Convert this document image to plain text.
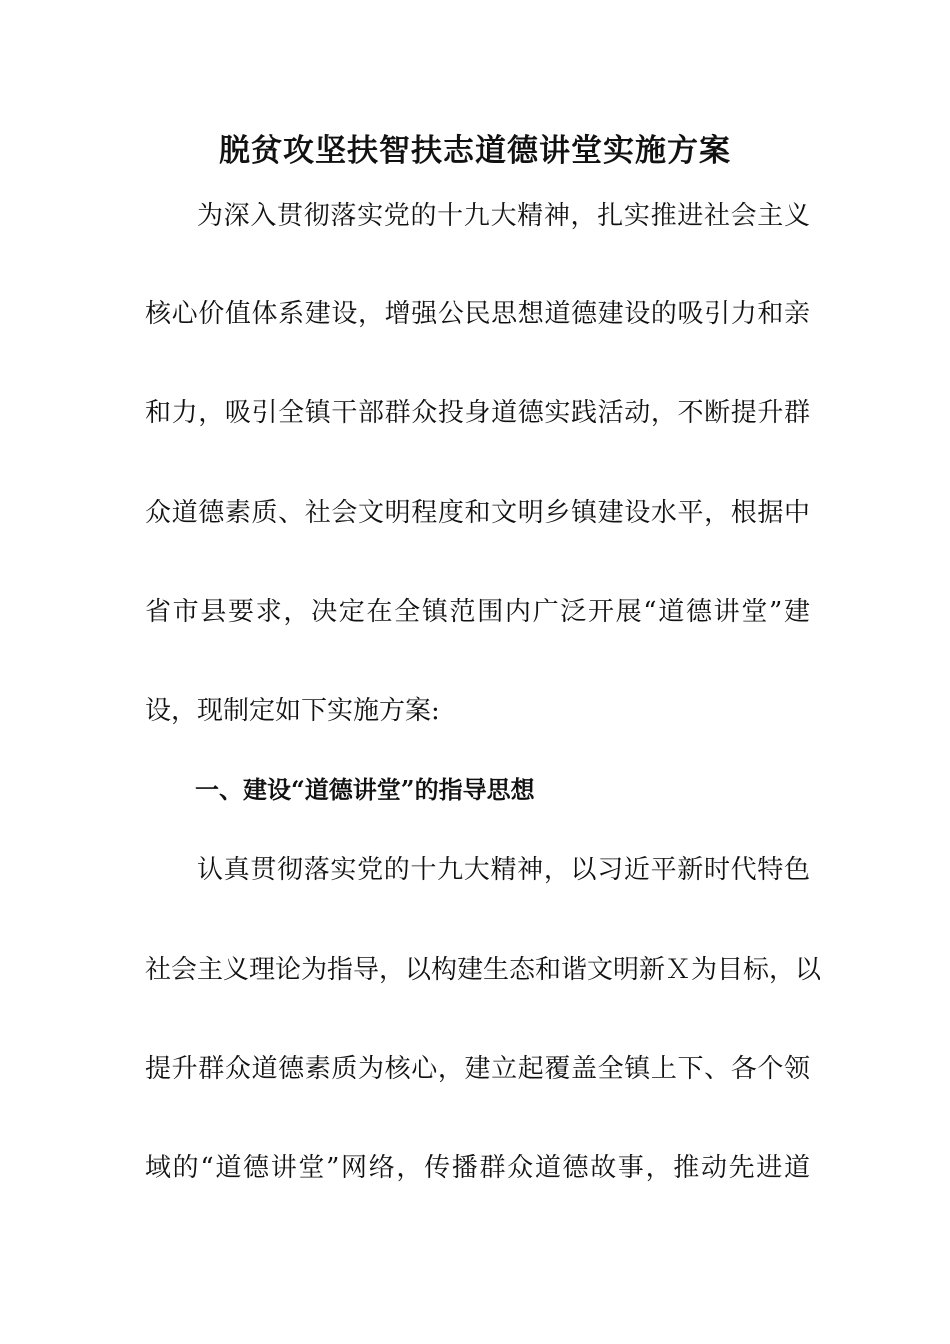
脱贫攻坚扶智扶志道德讲堂实施方案
为深入贯彻落实党的十九大精神，扎实推进社会主义
核心价值体系建设，增强公民思想道德建设的吸引力和亲
和力，吸引全镇干部群众投身道德实践活动，不断提升群
众道德素质、社会文明程度和文明乡镇建设水平，根据中
省市县要求，决定在全镇范围内广泛开展“道德讲堂”建
设，现制定如下实施方案:
一、建设“道德讲堂”的指导思想
认真贯彻落实党的十九大精神，以习近平新时代特色
社会主义理论为指导，以构建生态和谐文明新Ｘ为目标，以
提升群众道德素质为核心，建立起覆盖全镇上下、各个领
域的“道德讲堂”网络，传播群众道德故事，推动先进道
